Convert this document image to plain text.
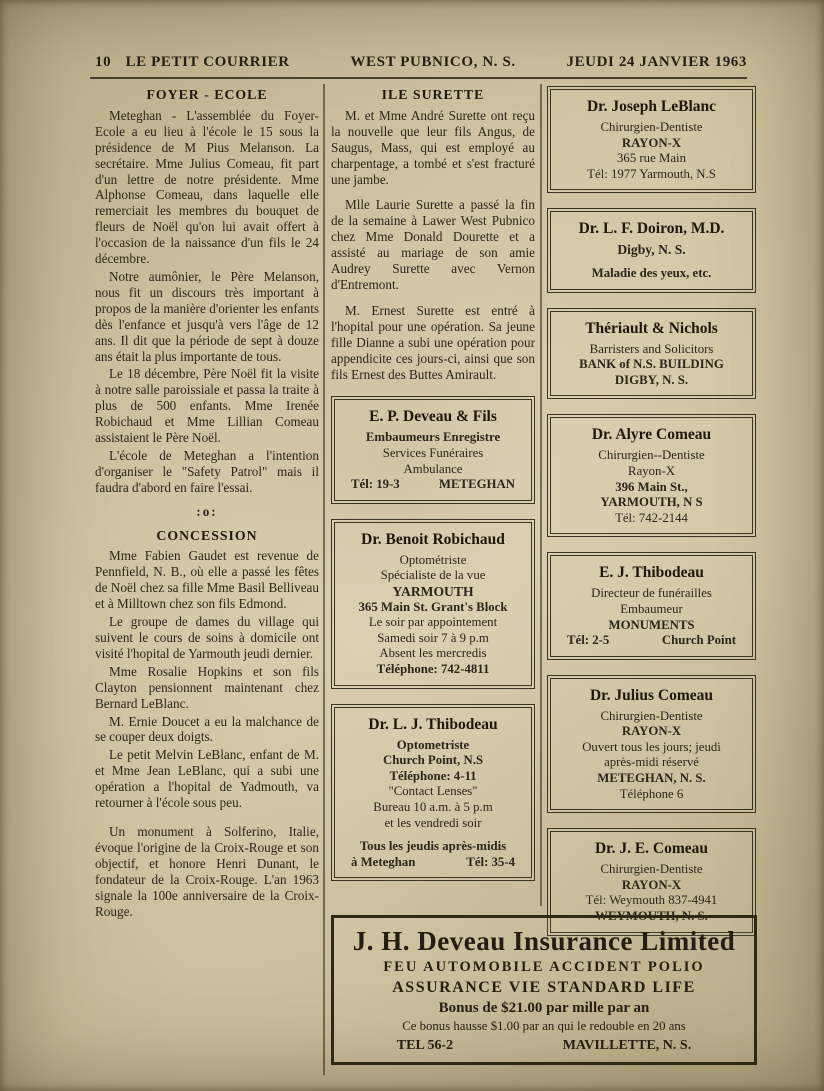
10 LE PETIT COURRIER	WEST PUBNICO, N. S.	JEUDI 24 JANVIER 1963
FOYER - ECOLE

Meteghan - L'assemblée du Foyer-Ecole a eu lieu à l'école le 15 sous la présidence de M Pius Melanson. La secrétaire. Mme Julius Comeau, fit part d'un lettre de notre présidente. Mme Alphonse Comeau, dans laquelle elle remerciait les membres du bouquet de fleurs de Noël qu'on lui avait offert à l'occasion de la naissance d'un fils le 24 décembre.

Notre aumônier, le Père Melanson, nous fit un discours très important à propos de la manière d'orienter les enfants dès l'enfance et jusqu'à vers l'âge de 12 ans. Il dit que la période de sept à douze ans était la plus importante de tous.

Le 18 décembre, Père Noël fit la visite à notre salle paroissiale et passa la traite à plus de 500 enfants. Mme Irenée Robichaud et Mme Lillian Comeau assistaient le Père Noël.

L'école de Meteghan a l'intention d'organiser le "Safety Patrol" mais il faudra d'abord en faire l'essai.

:o:
CONCESSION

Mme Fabien Gaudet est revenue de Pennfield, N. B., où elle a passé les fêtes de Noël chez sa fille Mme Basil Belliveau et à Milltown chez son fils Edmond.

Le groupe de dames du village qui suivent le cours de soins à domicile ont visité l'hopital de Yarmouth jeudi dernier.

Mme Rosalie Hopkins et son fils Clayton pensionnent maintenant chez Bernard LeBlanc.

M. Ernie Doucet a eu la malchance de se couper deux doigts.

Le petit Melvin LeBlanc, enfant de M. et Mme Jean LeBlanc, qui a subi une opération a l'hopital de Yadmouth, va retourner à l'école sous peu.

Un monument à Solferino, Italie, évoque l'origine de la Croix-Rouge et son objectif, et honore Henri Dunant, le fondateur de la Croix-Rouge. L'an 1963 signale la 100e anniversaire de la Croix-Rouge.

ILE SURETTE

M. et Mme André Surette ont reçu la nouvelle que leur fils Angus, de Saugus, Mass, qui est employé au charpentage, a tombé et s'est fracturé une jambe.

Mlle Laurie Surette a passé la fin de la semaine à Lawer West Pubnico chez Mme Donald Dourette et a assisté au mariage de son amie Audrey Surette avec Vernon d'Entremont.

M. Ernest Surette est entré à l'hopital pour une opération. Sa jeune fille Dianne a subi une opération pour appendicite ces jours-ci, ainsi que son fils Ernest des Buttes Amirault.

E. P. Deveau & Fils
Embaumeurs Enregistre
Services Funéraires
Ambulance
Tél: 19-3	METEGHAN
Dr. Benoit Robichaud
Optométriste
Spécialiste de la vue
YARMOUTH
365 Main St. Grant's Block
Le soir par appointement
Samedi soir 7 à 9 p.m
Absent les mercredis
Téléphone: 742-4811
Dr. L. J. Thibodeau
Optometriste
Church Point, N.S
Téléphone: 4-11
"Contact Lenses"
Bureau 10 a.m. à 5 p.m
et les vendredi soir
Tous les jeudis après-midis
à Meteghan	Tél: 35-4
Dr. Joseph LeBlanc
Chirurgien-Dentiste
RAYON-X
365 rue Main
Tél: 1977 Yarmouth, N.S
Dr. L. F. Doiron, M.D.
Digby, N. S.
Maladie des yeux, etc.
Thériault & Nichols
Barristers and Solicitors
BANK of N.S. BUILDING
DIGBY, N. S.
Dr. Alyre Comeau
Chirurgien--Dentiste
Rayon-X
396 Main St.,
YARMOUTH, N S
Tél: 742-2144
E. J. Thibodeau
Directeur de funérailles
Embaumeur
MONUMENTS
Tél: 2-5	Church Point
Dr. Julius Comeau
Chirurgien-Dentiste
RAYON-X
Ouvert tous les jours; jeudi
après-midi réservé
METEGHAN, N. S.
Téléphone 6
Dr. J. E. Comeau
Chirurgien-Dentiste
RAYON-X
Tél: Weymouth 837-4941
WEYMOUTH, N. S.
J. H. Deveau Insurance Limited
FEU AUTOMOBILE ACCIDENT POLIO
ASSURANCE VIE STANDARD LIFE
Bonus de $21.00 par mille par an
Ce bonus hausse $1.00 par an qui le redouble en 20 ans
TEL 56-2	MAVILLETTE, N. S.
